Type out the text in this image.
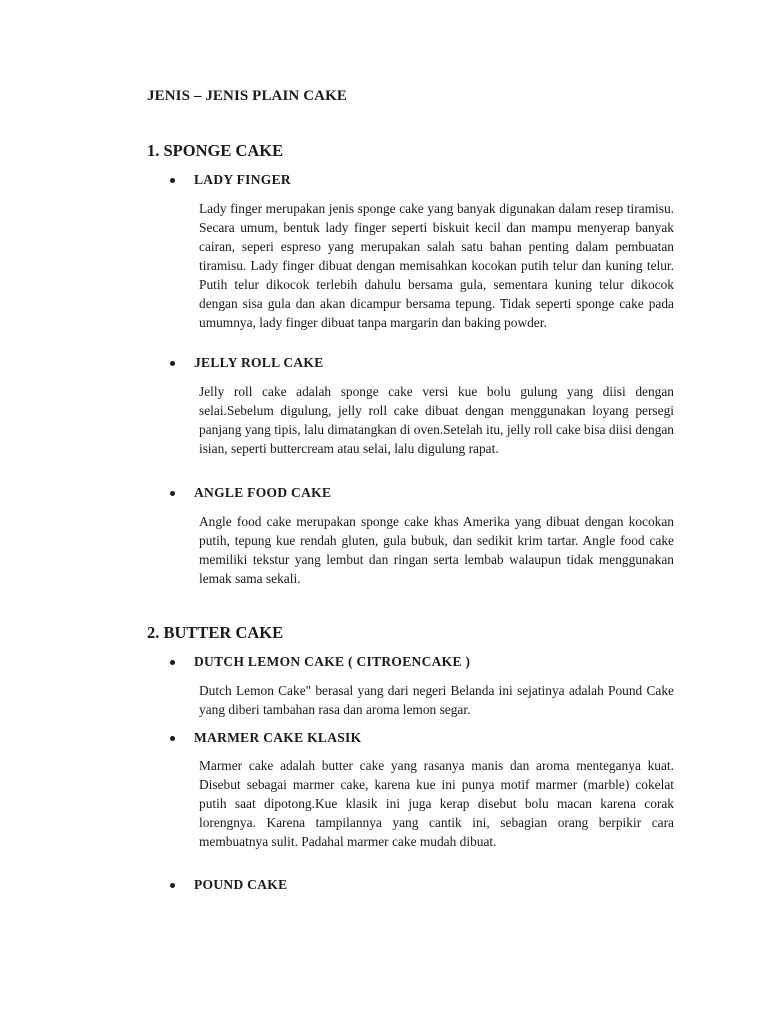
JENIS – JENIS PLAIN CAKE
1. SPONGE CAKE
LADY FINGER

Lady finger merupakan jenis sponge cake yang banyak digunakan dalam resep tiramisu. Secara umum, bentuk lady finger seperti biskuit kecil dan mampu menyerap banyak cairan, seperi espreso yang merupakan salah satu bahan penting dalam pembuatan tiramisu. Lady finger dibuat dengan memisahkan kocokan putih telur dan kuning telur. Putih telur dikocok terlebih dahulu bersama gula, sementara kuning telur dikocok dengan sisa gula dan akan dicampur bersama tepung. Tidak seperti sponge cake pada umumnya, lady finger dibuat tanpa margarin dan baking powder.

JELLY ROLL CAKE

Jelly roll cake adalah sponge cake versi kue bolu gulung yang diisi dengan selai.Sebelum digulung, jelly roll cake dibuat dengan menggunakan loyang persegi panjang yang tipis, lalu dimatangkan di oven.Setelah itu, jelly roll cake bisa diisi dengan isian, seperti buttercream atau selai, lalu digulung rapat.

ANGLE FOOD CAKE

Angle food cake merupakan sponge cake khas Amerika yang dibuat dengan kocokan putih, tepung kue rendah gluten, gula bubuk, dan sedikit krim tartar. Angle food cake memiliki tekstur yang lembut dan ringan serta lembab walaupun tidak menggunakan lemak sama sekali.

2. BUTTER CAKE
DUTCH LEMON CAKE ( CITROENCAKE )

Dutch Lemon Cake" berasal yang dari negeri Belanda ini sejatinya adalah Pound Cake yang diberi tambahan rasa dan aroma lemon segar.

MARMER CAKE KLASIK

Marmer cake adalah butter cake yang rasanya manis dan aroma menteganya kuat. Disebut sebagai marmer cake, karena kue ini punya motif marmer (marble) cokelat putih saat dipotong.Kue klasik ini juga kerap disebut bolu macan karena corak lorengnya. Karena tampilannya yang cantik ini, sebagian orang berpikir cara membuatnya sulit. Padahal marmer cake mudah dibuat.

POUND CAKE
